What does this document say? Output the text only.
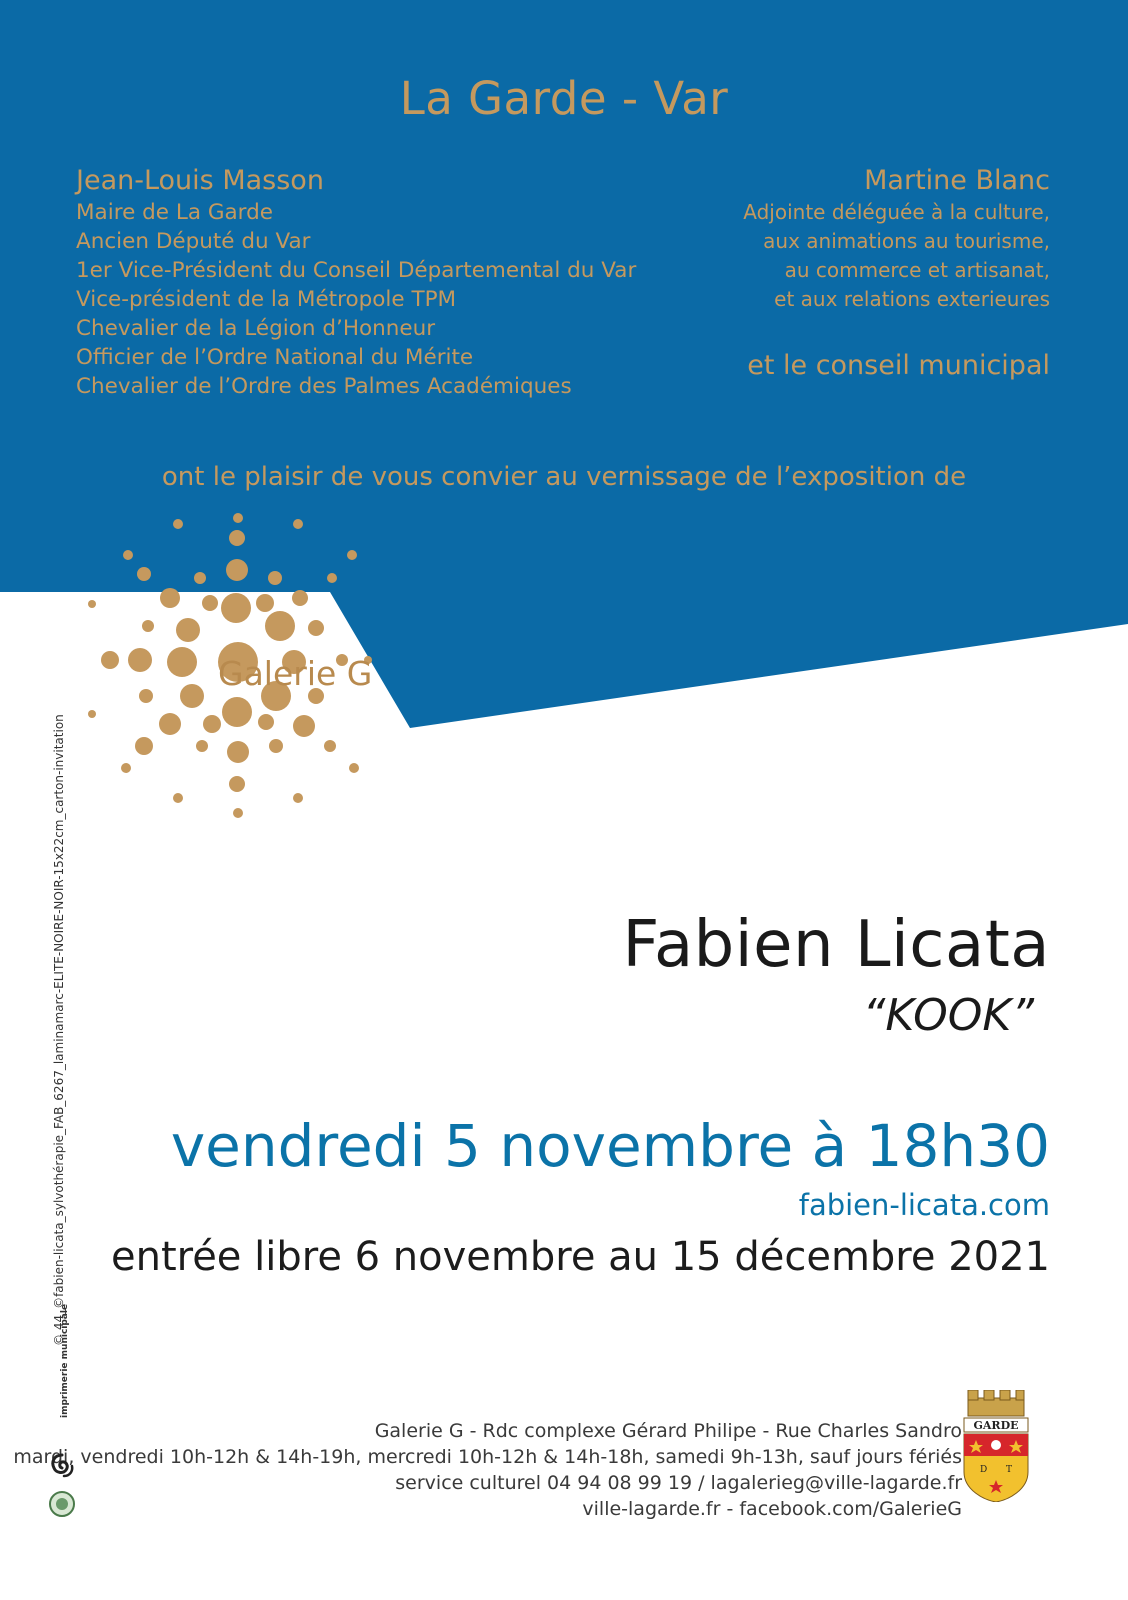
La Garde - Var
Jean-Louis Masson
Maire de La Garde
Ancien Député du Var
1er Vice-Président du Conseil Départemental du Var
Vice-président de la Métropole TPM
Chevalier de la Légion d’Honneur
Officier de l’Ordre National du Mérite
Chevalier de l’Ordre des Palmes Académiques
Martine Blanc
Adjointe déléguée à la culture,
aux animations au tourisme,
au commerce et artisanat,
et aux relations exterieures
et le conseil municipal
ont le plaisir de vous convier au vernissage de l’exposition de
Galerie G
Fabien Licata
“KOOK”
vendredi 5 novembre à 18h30
fabien-licata.com
entrée libre 6 novembre au 15 décembre 2021
Galerie G - Rdc complexe Gérard Philipe - Rue Charles Sandro
mardi, vendredi 10h-12h & 14h-19h, mercredi 10h-12h & 14h-18h, samedi 9h-13h, sauf jours fériés
service culturel 04 94 08 99 19 / lagalerieg@ville-lagarde.fr
ville-lagarde.fr - facebook.com/GalerieG
© 44_©fabien-licata_sylvothérapie_FAB_6267_laminamarc-ELITE-NOIRE-NOIR-15x22cm_carton-invitation
imprimerie municipale
GARDE
D T
